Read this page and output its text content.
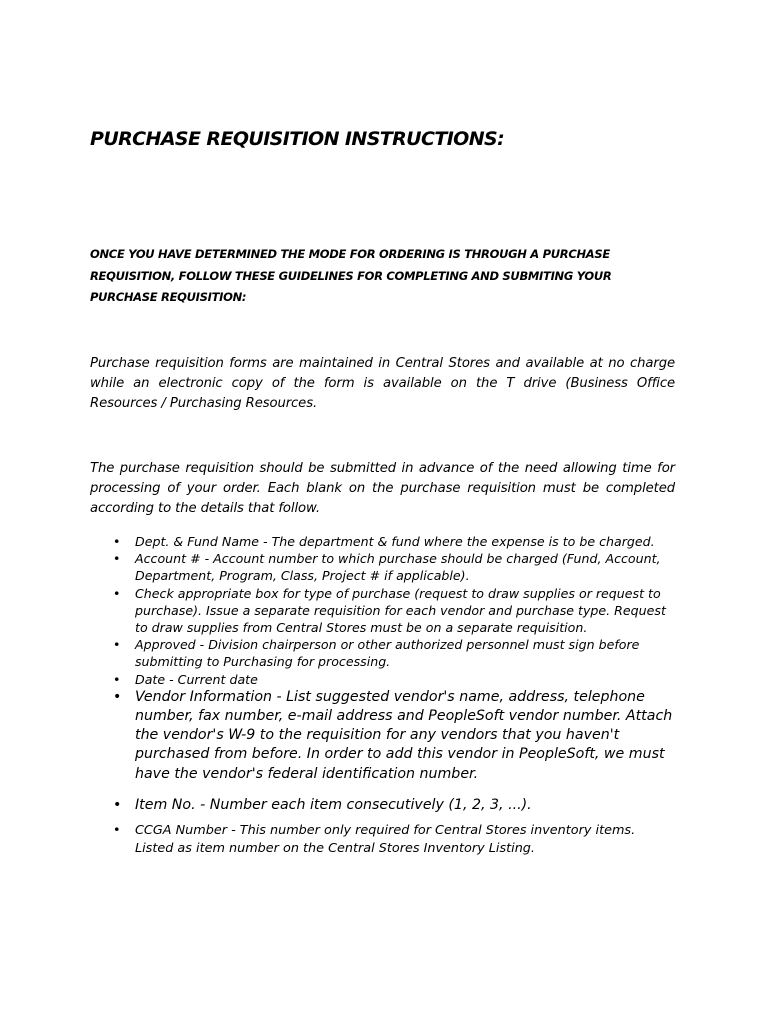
PURCHASE REQUISITION INSTRUCTIONS:

ONCE YOU HAVE DETERMINED THE MODE FOR ORDERING IS THROUGH A PURCHASE REQUISITION, FOLLOW THESE GUIDELINES FOR COMPLETING AND SUBMITING YOUR PURCHASE REQUISITION:

Purchase requisition forms are maintained in Central Stores and available at no charge while an electronic copy of the form is available on the T drive (Business Office Resources / Purchasing Resources.

The purchase requisition should be submitted in advance of the need allowing time for processing of your order. Each blank on the purchase requisition must be completed according to the details that follow.

• Dept. & Fund Name - The department & fund where the expense is to be charged.
• Account # - Account number to which purchase should be charged (Fund, Account, Department, Program, Class, Project # if applicable).
• Check appropriate box for type of purchase (request to draw supplies or request to purchase). Issue a separate requisition for each vendor and purchase type. Request to draw supplies from Central Stores must be on a separate requisition.
• Approved - Division chairperson or other authorized personnel must sign before submitting to Purchasing for processing.
• Date - Current date
• Vendor Information - List suggested vendor's name, address, telephone number, fax number, e-mail address and PeopleSoft vendor number. Attach the vendor's W-9 to the requisition for any vendors that you haven't purchased from before. In order to add this vendor in PeopleSoft, we must have the vendor's federal identification number.
• Item No. - Number each item consecutively (1, 2, 3, ...).
• CCGA Number - This number only required for Central Stores inventory items. Listed as item number on the Central Stores Inventory Listing.
